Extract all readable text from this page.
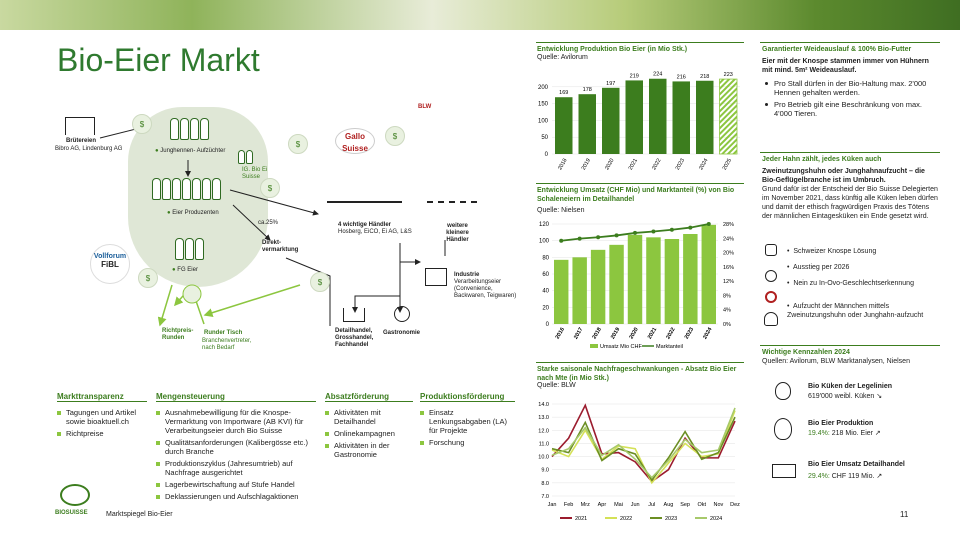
Bio-Eier Markt
Brütereien
Bibro AG, Lindenburg AG	● Junghennen- Aufzüchter
● Eier Produzenten
● FG Eier
IG. Bio Ei Suisse
ca.25%
Direkt- vermarktung
4 wichtige Händler
Hosberg, EiCO, Ei AG, L&S
weitere kleinere Händler
Industrie
Verarbeitungseier (Convenience, Backwaren, Teigwaren)
Detailhandel, Grosshandel, Fachhandel
Gastronomie
Richtpreis- Runden
Runder Tisch
Branchenvertreter, nach Bedarf
Vollforum
FiBL
Gallo Suisse
BLW
$
$
$
$
$	$
Markttransparenz
Tagungen und Artikel sowie bioaktuell.ch
Richtpreise
Mengensteuerung
Ausnahmebewilligung für die Knospe-Vermarktung von Importware (AB KVI) für Verarbeitungseier durch Bio Suisse
Qualitätsanforderungen (Kalibergösse etc.) durch Branche
Produktionszyklus (Jahresumtrieb) auf Nachfrage ausgerichtet
Lagerbewirtschaftung auf Stufe Handel
Deklassierungen und Aufschlagaktionen
Absatzförderung
Aktivitäten mit Detailhandel
Onlinekampagnen
Aktivitäten in der Gastronomie
Produktionsförderung
Einsatz Lenkungsabgaben (LA) für Projekte
Forschung
BIOSUISSE	Marktspiegel Bio-Eier	11
Entwicklung Produktion Bio Eier (in Mio Stk.)
Quelle: Avilorum
0
50
100
150
200
169
2018
178
2019
197
2020
219
2021
224
2022
216
2023
218
2024
223
2025
Entwicklung Umsatz (CHF Mio) und Marktanteil (%) von Bio Schaleneiern im Detailhandel
Quelle: Nielsen
0
20
40
60
80
100
120
0%
4%
8%
12%
16%
20%
24%
28%
2016 2017 2018 2019 2020 2021 2022 2023 2024
Umsatz Mio CHF	Marktanteil
Starke saisonale Nachfrageschwankungen - Absatz Bio Eier nach Mte (in Mio Stk.)
Quelle: BLW
7.0
8.0
9.0
10.0
11.0
12.0
13.0
14.0
Jan Feb Mrz Apr Mai Jun Jul Aug Sep Okt Nov Dez
2021	2022	2023	2024
Garantierter Weideauslauf & 100% Bio-Futter
Eier mit der Knospe stammen immer von Hühnern mit mind. 5m² Weideauslauf.
Pro Stall dürfen in der Bio-Haltung max. 2'000 Hennen gehalten werden.
Pro Betrieb gilt eine Beschränkung von max. 4'000 Tieren.
Jeder Hahn zählt, jedes Küken auch
Zweinutzungshuhn oder Junghahnaufzucht – die Bio-Geflügelbranche ist im Umbruch.
Grund dafür ist der Entscheid der Bio Suisse Delegierten im November 2021, dass künftig alle Küken leben dürfen und damit der ethisch fragwürdigen Praxis des Tötens der männlichen Eintagesküken ein Ende gesetzt wird.
•  Schweizer Knospe Lösung
•  Ausstieg per 2026
•  Nein zu In-Ovo-Geschlechtserkennung
•  Aufzucht der Männchen mittels Zweinutzungshuhn oder Junghahn-aufzucht
Wichtige Kennzahlen 2024
Quellen: Avilorum, BLW Marktanalysen, Nielsen
Bio Küken der Legelinien
619'000 weibl. Küken ↘
Bio Eier Produktion
19.4%: 218 Mio. Eier ↗
Bio Eier Umsatz Detailhandel
29.4%: CHF 119 Mio. ↗
